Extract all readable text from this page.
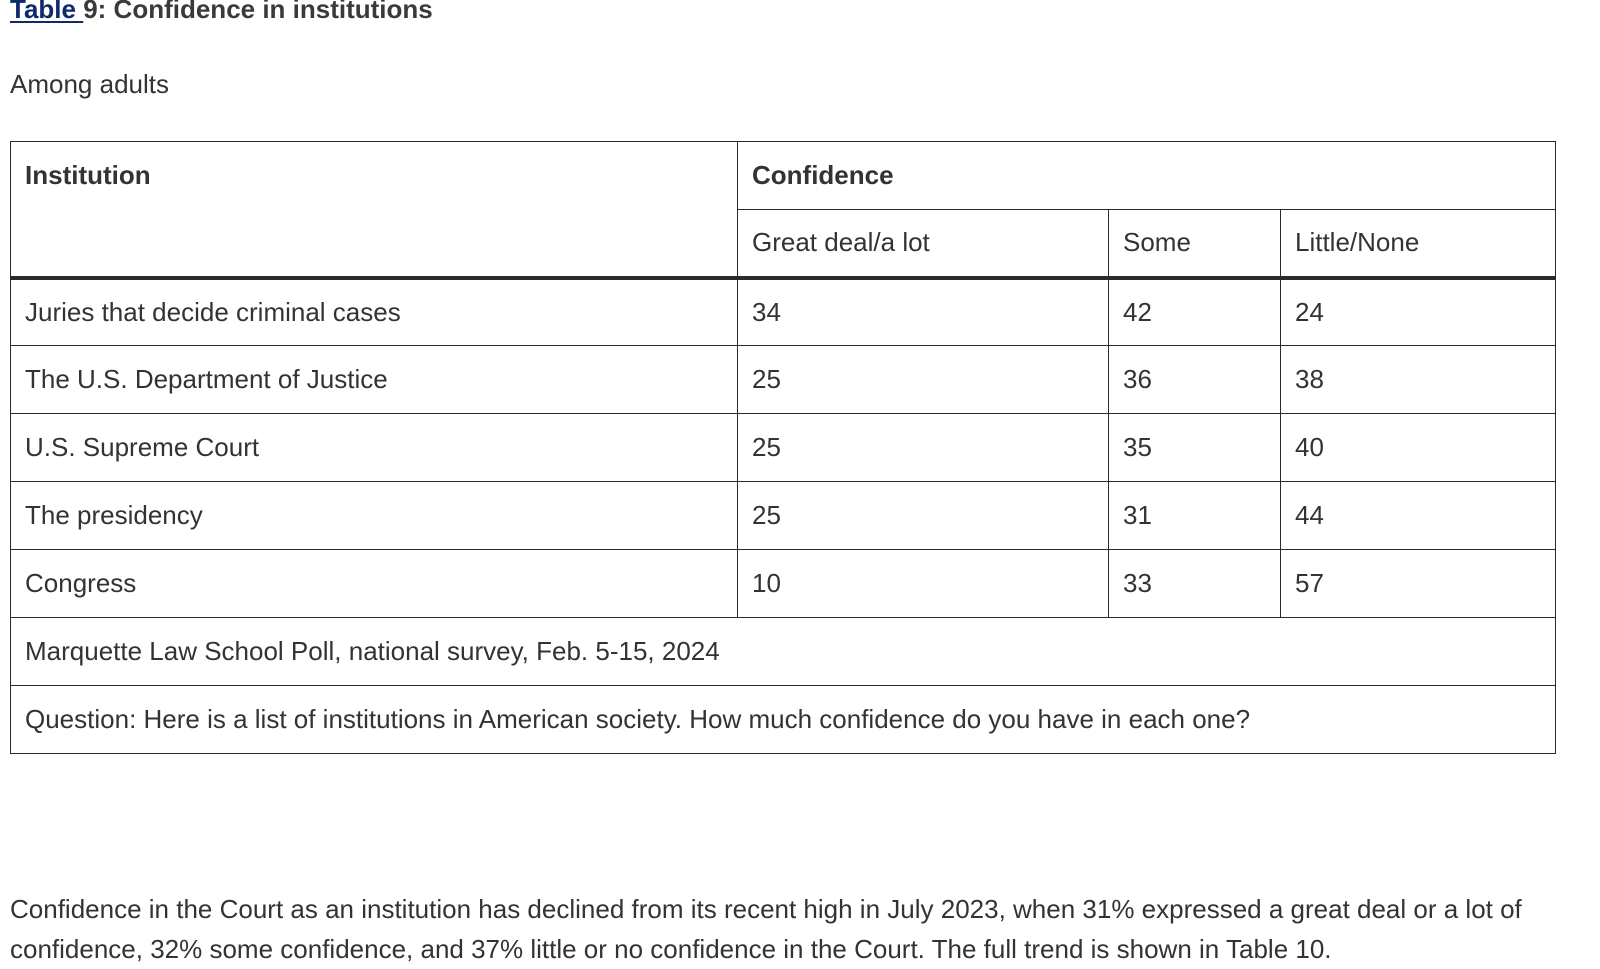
Table 9: Confidence in institutions
Among adults
Institution	Confidence		
	Great deal/a lot	Some	Little/None
Juries that decide criminal cases	34	42	24
The U.S. Department of Justice	25	36	38
U.S. Supreme Court	25	35	40
The presidency	25	31	44
Congress	10	33	57
Marquette Law School Poll, national survey, Feb. 5-15, 2024			
Question: Here is a list of institutions in American society. How much confidence do you have in each one?			

Confidence in the Court as an institution has declined from its recent high in July 2023, when 31% expressed a great deal or a lot of confidence, 32% some confidence, and 37% little or no confidence in the Court. The full trend is shown in Table 10.
